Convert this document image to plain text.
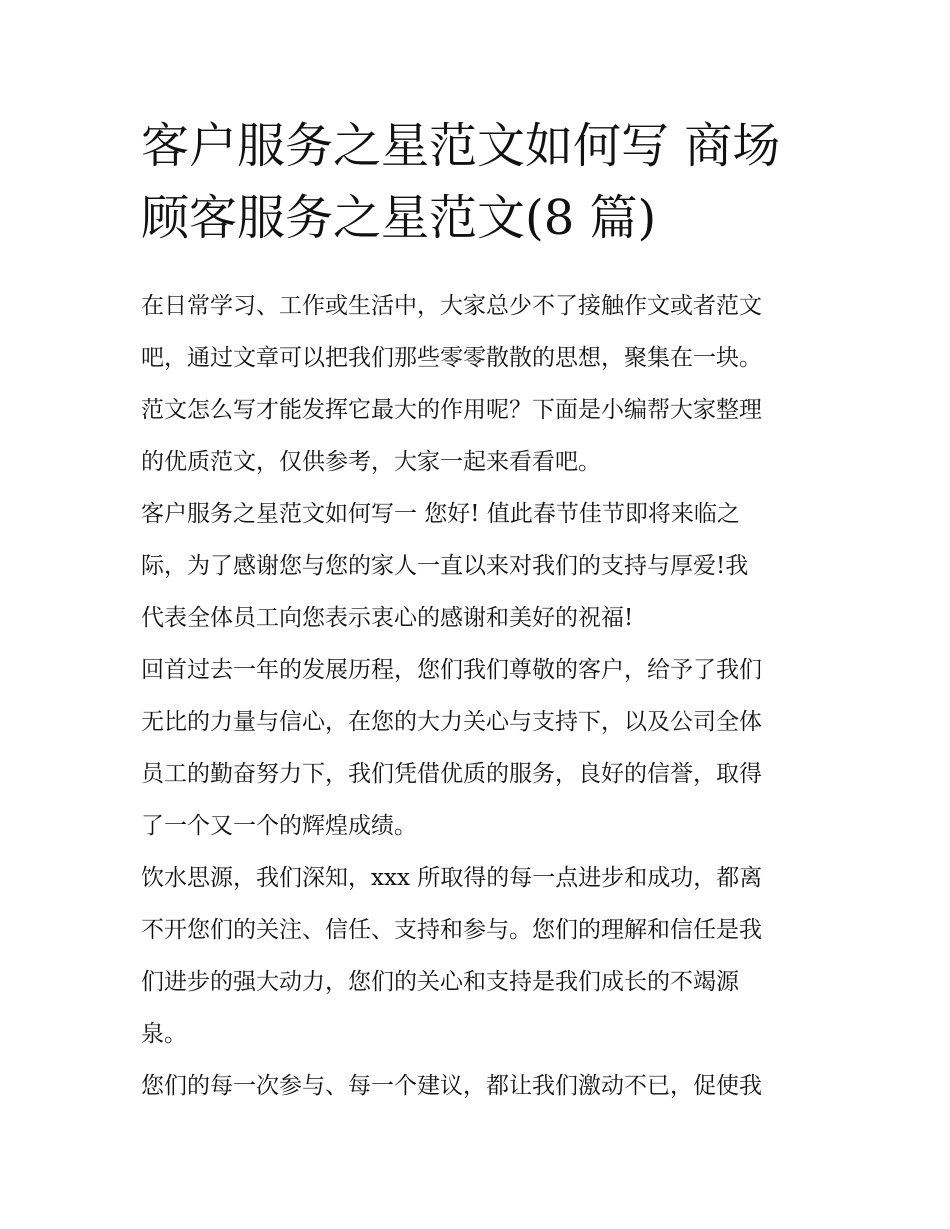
客户服务之星范文如何写 商场
顾客服务之星范文(8 篇)

在日常学习、工作或生活中，大家总少不了接触作文或者范文
吧，通过文章可以把我们那些零零散散的思想，聚集在一块。
范文怎么写才能发挥它最大的作用呢？下面是小编帮大家整理
的优质范文，仅供参考，大家一起来看看吧。

客户服务之星范文如何写一 您好! 值此春节佳节即将来临之
际，为了感谢您与您的家人一直以来对我们的支持与厚爱!我
代表全体员工向您表示衷心的感谢和美好的祝福!

回首过去一年的发展历程，您们我们尊敬的客户，给予了我们
无比的力量与信心，在您的大力关心与支持下，以及公司全体
员工的勤奋努力下，我们凭借优质的服务，良好的信誉，取得
了一个又一个的辉煌成绩。

饮水思源，我们深知，xxx 所取得的每一点进步和成功，都离
不开您们的关注、信任、支持和参与。您们的理解和信任是我
们进步的强大动力，您们的关心和支持是我们成长的不竭源
泉。

您们的每一次参与、每一个建议，都让我们激动不已，促使我
